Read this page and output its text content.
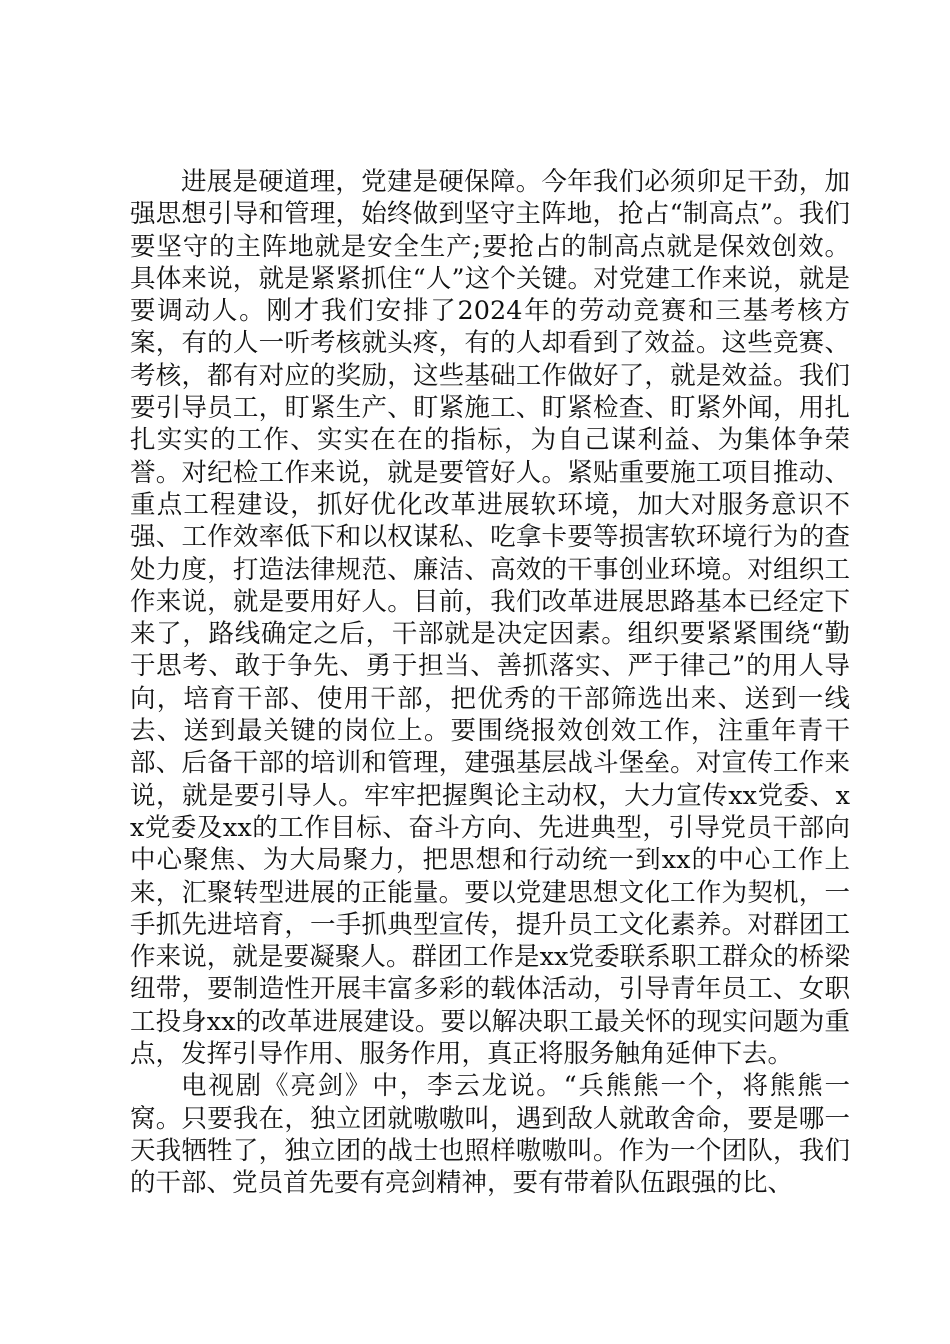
进展是硬道理，党建是硬保障。今年我们必须卯足干劲，加强思想引导和管理，始终做到坚守主阵地，抢占“制高点”。我们要坚守的主阵地就是安全生产;要抢占的制高点就是保效创效。具体来说，就是紧紧抓住“人”这个关键。对党建工作来说，就是要调动人。刚才我们安排了2024年的劳动竞赛和三基考核方案，有的人一听考核就头疼，有的人却看到了效益。这些竞赛、考核，都有对应的奖励，这些基础工作做好了，就是效益。我们要引导员工，盯紧生产、盯紧施工、盯紧检查、盯紧外闻，用扎扎实实的工作、实实在在的指标，为自己谋利益、为集体争荣誉。对纪检工作来说，就是要管好人。紧贴重要施工项目推动、重点工程建设，抓好优化改革进展软环境，加大对服务意识不强、工作效率低下和以权谋私、吃拿卡要等损害软环境行为的查处力度，打造法律规范、廉洁、高效的干事创业环境。对组织工作来说，就是要用好人。目前，我们改革进展思路基本已经定下来了，路线确定之后，干部就是决定因素。组织要紧紧围绕“勤于思考、敢于争先、勇于担当、善抓落实、严于律己”的用人导向，培育干部、使用干部，把优秀的干部筛选出来、送到一线去、送到最关键的岗位上。要围绕报效创效工作，注重年青干部、后备干部的培训和管理，建强基层战斗堡垒。对宣传工作来说，就是要引导人。牢牢把握舆论主动权，大力宣传xx党委、xx党委及xx的工作目标、奋斗方向、先进典型，引导党员干部向中心聚焦、为大局聚力，把思想和行动统一到xx的中心工作上来，汇聚转型进展的正能量。要以党建思想文化工作为契机，一手抓先进培育，一手抓典型宣传，提升员工文化素养。对群团工作来说，就是要凝聚人。群团工作是xx党委联系职工群众的桥梁纽带，要制造性开展丰富多彩的载体活动，引导青年员工、女职工投身xx的改革进展建设。要以解决职工最关怀的现实问题为重点，发挥引导作用、服务作用，真正将服务触角延伸下去。

电视剧《亮剑》中，李云龙说。“兵熊熊一个，将熊熊一窝。只要我在，独立团就嗷嗷叫，遇到敌人就敢舍命，要是哪一天我牺牲了，独立团的战士也照样嗷嗷叫。作为一个团队，我们的干部、党员首先要有亮剑精神，要有带着队伍跟强的比、
